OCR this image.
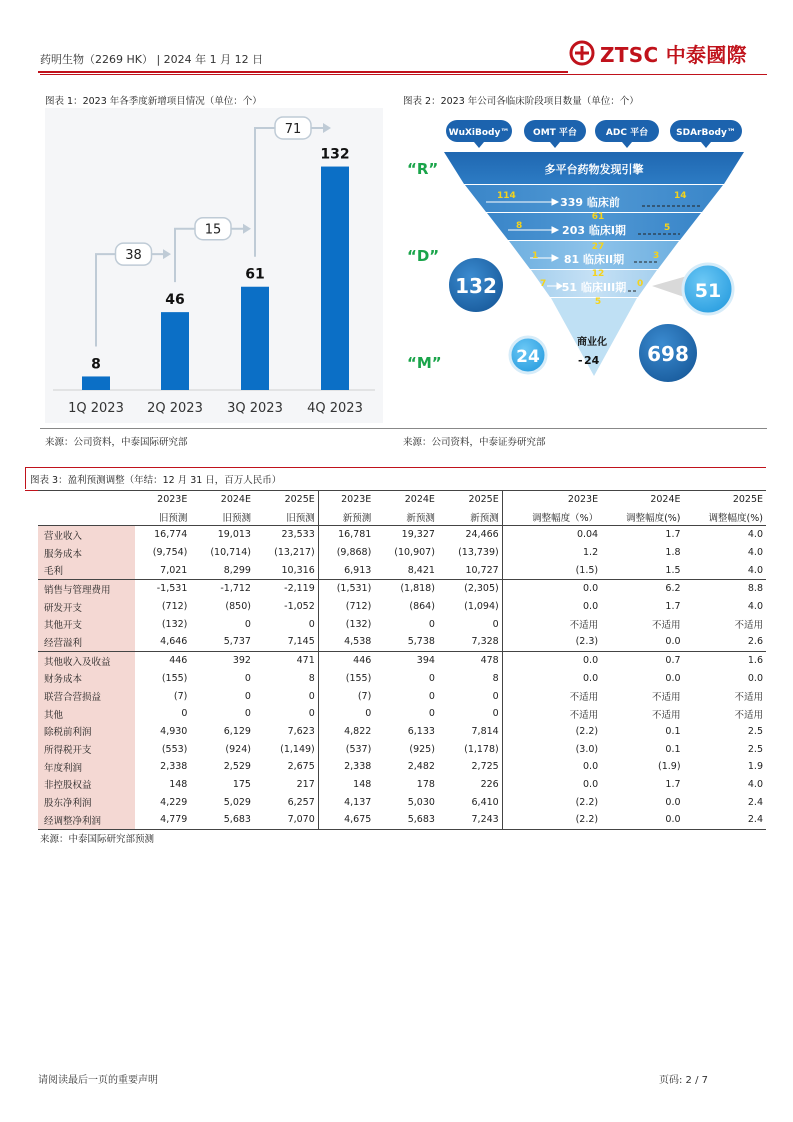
药明生物（2269 HK） | 2024 年 1 月 12 日	ZTSC 中泰國際
图表 1：2023 年各季度新增项目情况（单位：个）	图表 2：2023 年公司各临床阶段项目数量（单位：个）
8
1Q 2023
46
2Q 2023
61
3Q 2023
132
4Q 2023
38
15
71	WuXiBody™	OMT 平台	ADC 平台	SDArBody™
“R”
“D”
“M”
多平台药物发现引擎
339 临床前
203 临床I期
81 临床II期
51 临床III期
114	14
61
8	5
27
1	3
12
7	0
5
商业化
- 24
132
24
51
698
来源：公司资料，中泰国际研究部	来源：公司资料，中泰证券研究部
图表 3：盈利预测调整（年结：12 月 31 日，百万人民币）
	2023E	2024E	2025E	2023E	2024E	2025E	2023E	2024E	2025E
	旧预测	旧预测	旧预测	新预测	新预测	新预测	调整幅度（%）	调整幅度(%)	调整幅度(%)
营业收入	16,774	19,013	23,533	16,781	19,327	24,466	0.04	1.7	4.0
服务成本	(9,754)	(10,714)	(13,217)	(9,868)	(10,907)	(13,739)	1.2	1.8	4.0
毛利	7,021	8,299	10,316	6,913	8,421	10,727	(1.5)	1.5	4.0
销售与管理费用	-1,531	-1,712	-2,119	(1,531)	(1,818)	(2,305)	0.0	6.2	8.8
研发开支	(712)	(850)	-1,052	(712)	(864)	(1,094)	0.0	1.7	4.0
其他开支	(132)	0	0	(132)	0	0	不适用	不适用	不适用
经营溢利	4,646	5,737	7,145	4,538	5,738	7,328	(2.3)	0.0	2.6
其他收入及收益	446	392	471	446	394	478	0.0	0.7	1.6
财务成本	(155)	0	8	(155)	0	8	0.0	0.0	0.0
联营合营损益	(7)	0	0	(7)	0	0	不适用	不适用	不适用
其他	0	0	0	0	0	0	不适用	不适用	不适用
除税前利润	4,930	6,129	7,623	4,822	6,133	7,814	(2.2)	0.1	2.5
所得税开支	(553)	(924)	(1,149)	(537)	(925)	(1,178)	(3.0)	0.1	2.5
年度利润	2,338	2,529	2,675	2,338	2,482	2,725	0.0	(1.9)	1.9
非控股权益	148	175	217	148	178	226	0.0	1.7	4.0
股东净利润	4,229	5,029	6,257	4,137	5,030	6,410	(2.2)	0.0	2.4
经调整净利润	4,779	5,683	7,070	4,675	5,683	7,243	(2.2)	0.0	2.4
来源：中泰国际研究部预测
请阅读最后一页的重要声明	页码: 2 / 7
